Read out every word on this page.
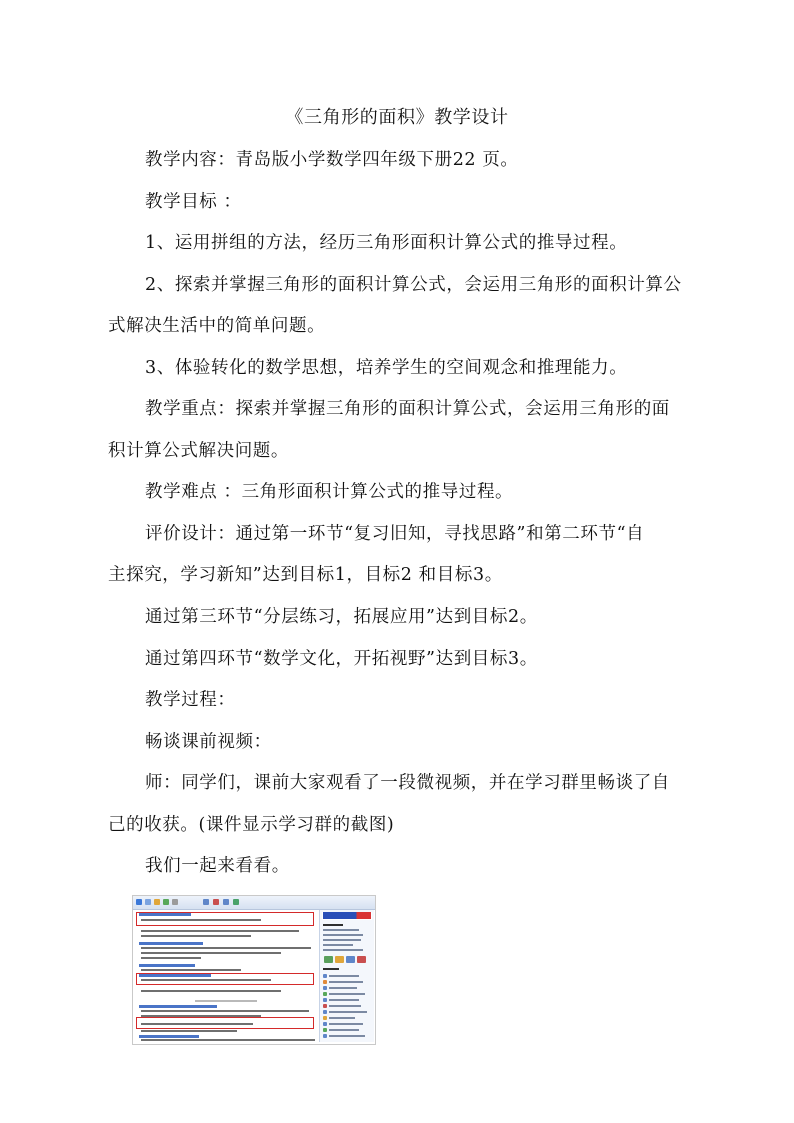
《三角形的面积》教学设计
教学内容：青岛版小学数学四年级下册22 页。
教学目标 ：
1、运用拼组的方法，经历三角形面积计算公式的推导过程。
2、探索并掌握三角形的面积计算公式，会运用三角形的面积计算公
式解决生活中的简单问题。
3、体验转化的数学思想，培养学生的空间观念和推理能力。
教学重点：探索并掌握三角形的面积计算公式，会运用三角形的面
积计算公式解决问题。
教学难点 ：三角形面积计算公式的推导过程。
评价设计：通过第一环节“复习旧知，寻找思路”和第二环节“自
主探究，学习新知”达到目标1，目标2 和目标3。
通过第三环节“分层练习，拓展应用”达到目标2。
通过第四环节“数学文化，开拓视野”达到目标3。
教学过程：
畅谈课前视频：
师：同学们，课前大家观看了一段微视频，并在学习群里畅谈了自
己的收获。(课件显示学习群的截图)
我们一起来看看。
